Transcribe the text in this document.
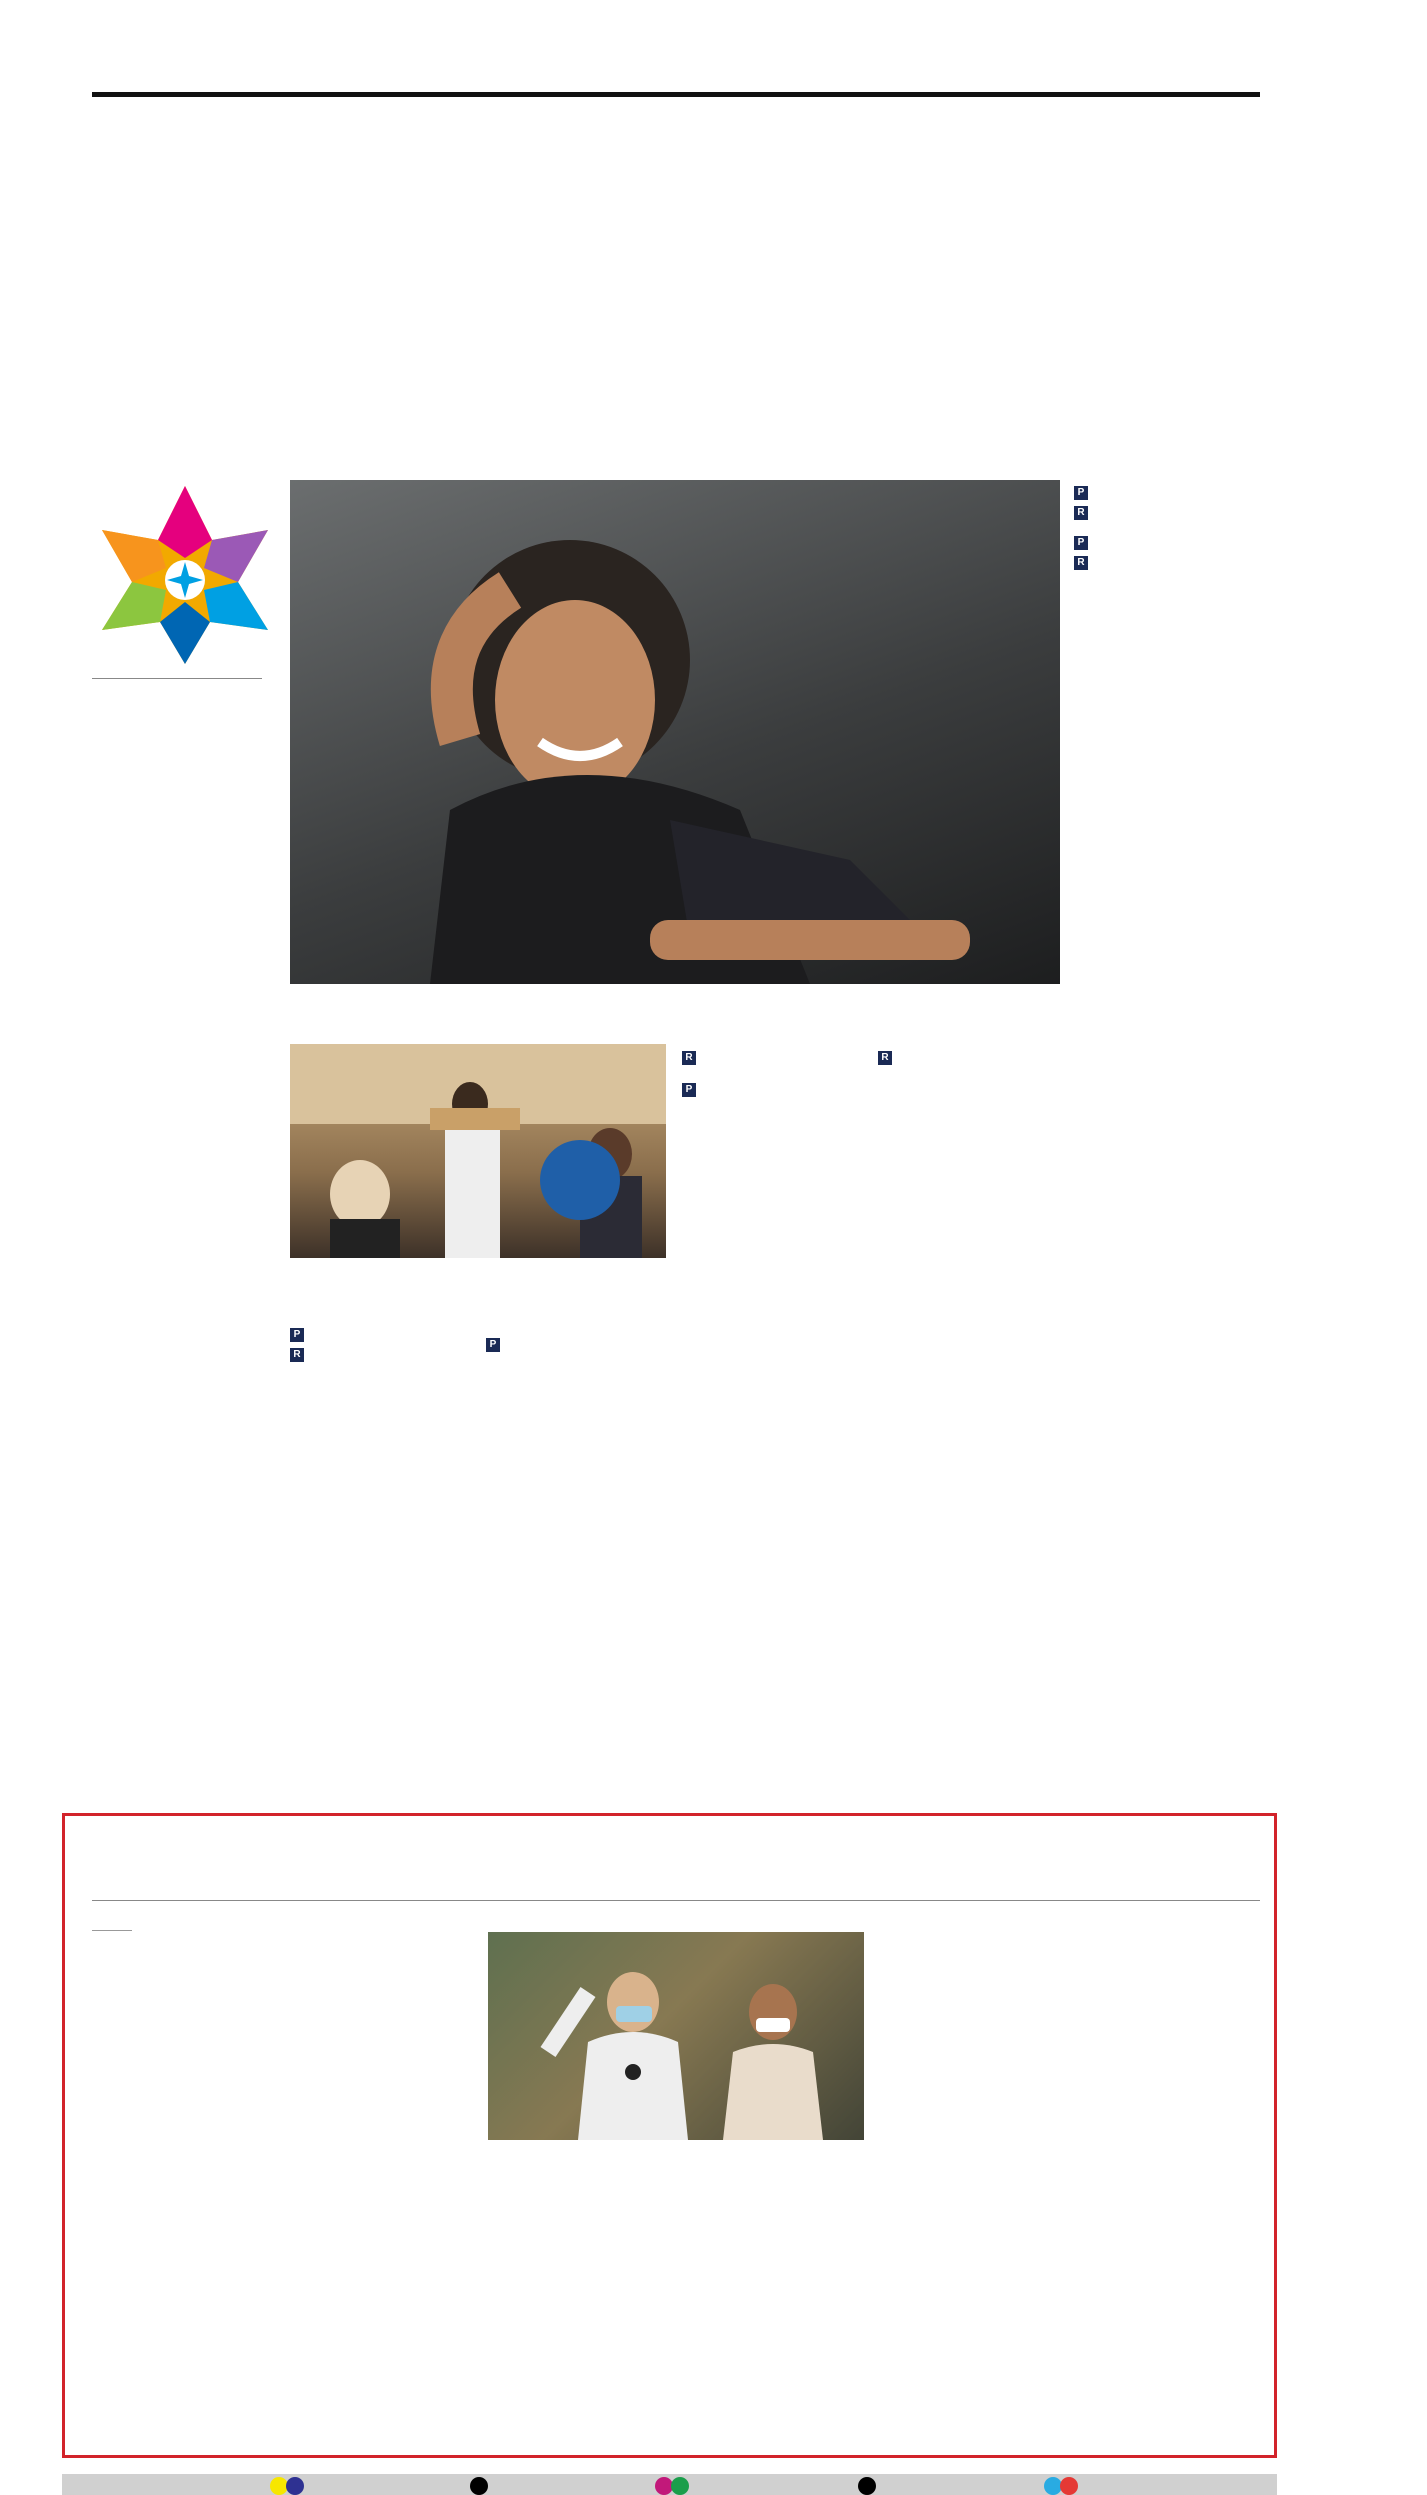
P

R

P

R

P

R

P

R

P

R
